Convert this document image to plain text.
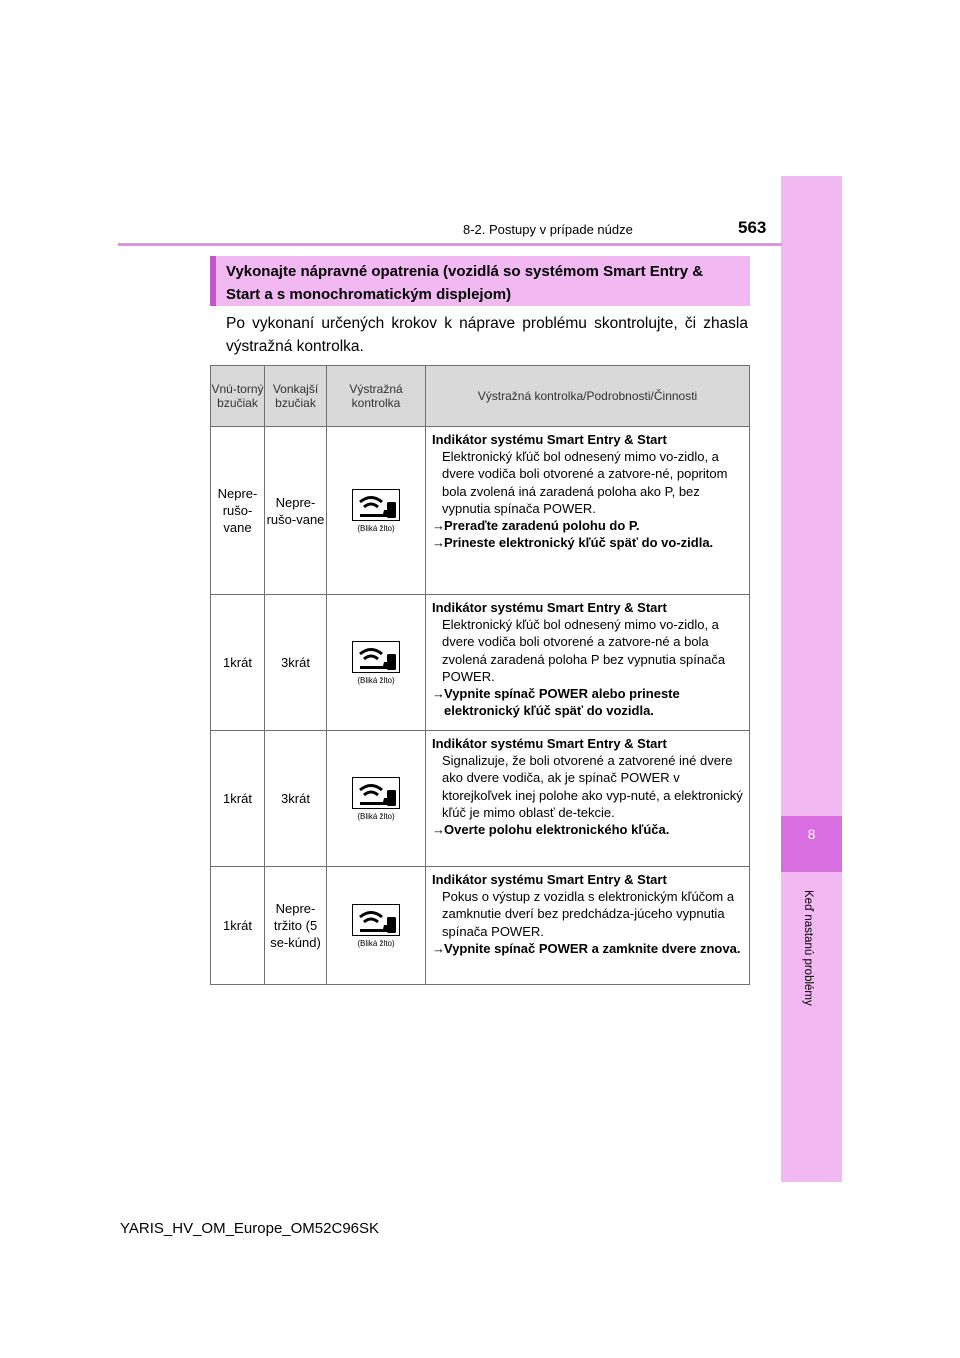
8
Keď nastanú problémy
8-2. Postupy v prípade núdze	563
Vykonajte nápravné opatrenia (vozidlá so systémom Smart Entry & Start a s monochromatickým displejom)
Po vykonaní určených krokov k náprave problému skontrolujte, či zhasla výstražná kontrolka.
Vnú-torný bzučiak	Vonkajší bzučiak	Výstražná kontrolka	Výstražná kontrolka/Podrobnosti/Činnosti
Nepre-rušo-vane	Nepre-rušo-vane	(Bliká žlto)	Indikátor systému Smart Entry & Start
Elektronický kľúč bol odnesený mimo vo-zidlo, a dvere vodiča boli otvorené a zatvore-né, popritom bola zvolená iná zaradená poloha ako P, bez vypnutia spínača POWER.
→Preraďte zaradenú polohu do P.
→Prineste elektronický kľúč späť do vo-zidla.

1krát	3krát	(Bliká žlto)	Indikátor systému Smart Entry & Start
Elektronický kľúč bol odnesený mimo vo-zidlo, a dvere vodiča boli otvorené a zatvore-né a bola zvolená zaradená poloha P bez vypnutia spínača POWER.
→Vypnite spínač POWER alebo prineste elektronický kľúč späť do vozidla.

1krát	3krát	(Bliká žlto)	Indikátor systému Smart Entry & Start
Signalizuje, že boli otvorené a zatvorené iné dvere ako dvere vodiča, ak je spínač POWER v ktorejkoľvek inej polohe ako vyp-nuté, a elektronický kľúč je mimo oblasť de-tekcie.
→Overte polohu elektronického kľúča.

1krát	Nepre-tržito (5 se-kúnd)	(Bliká žlto)	Indikátor systému Smart Entry & Start
Pokus o výstup z vozidla s elektronickým kľúčom a zamknutie dverí bez predchádza-júceho vypnutia spínača POWER.
→Vypnite spínač POWER a zamknite dvere znova.
YARIS_HV_OM_Europe_OM52C96SK
